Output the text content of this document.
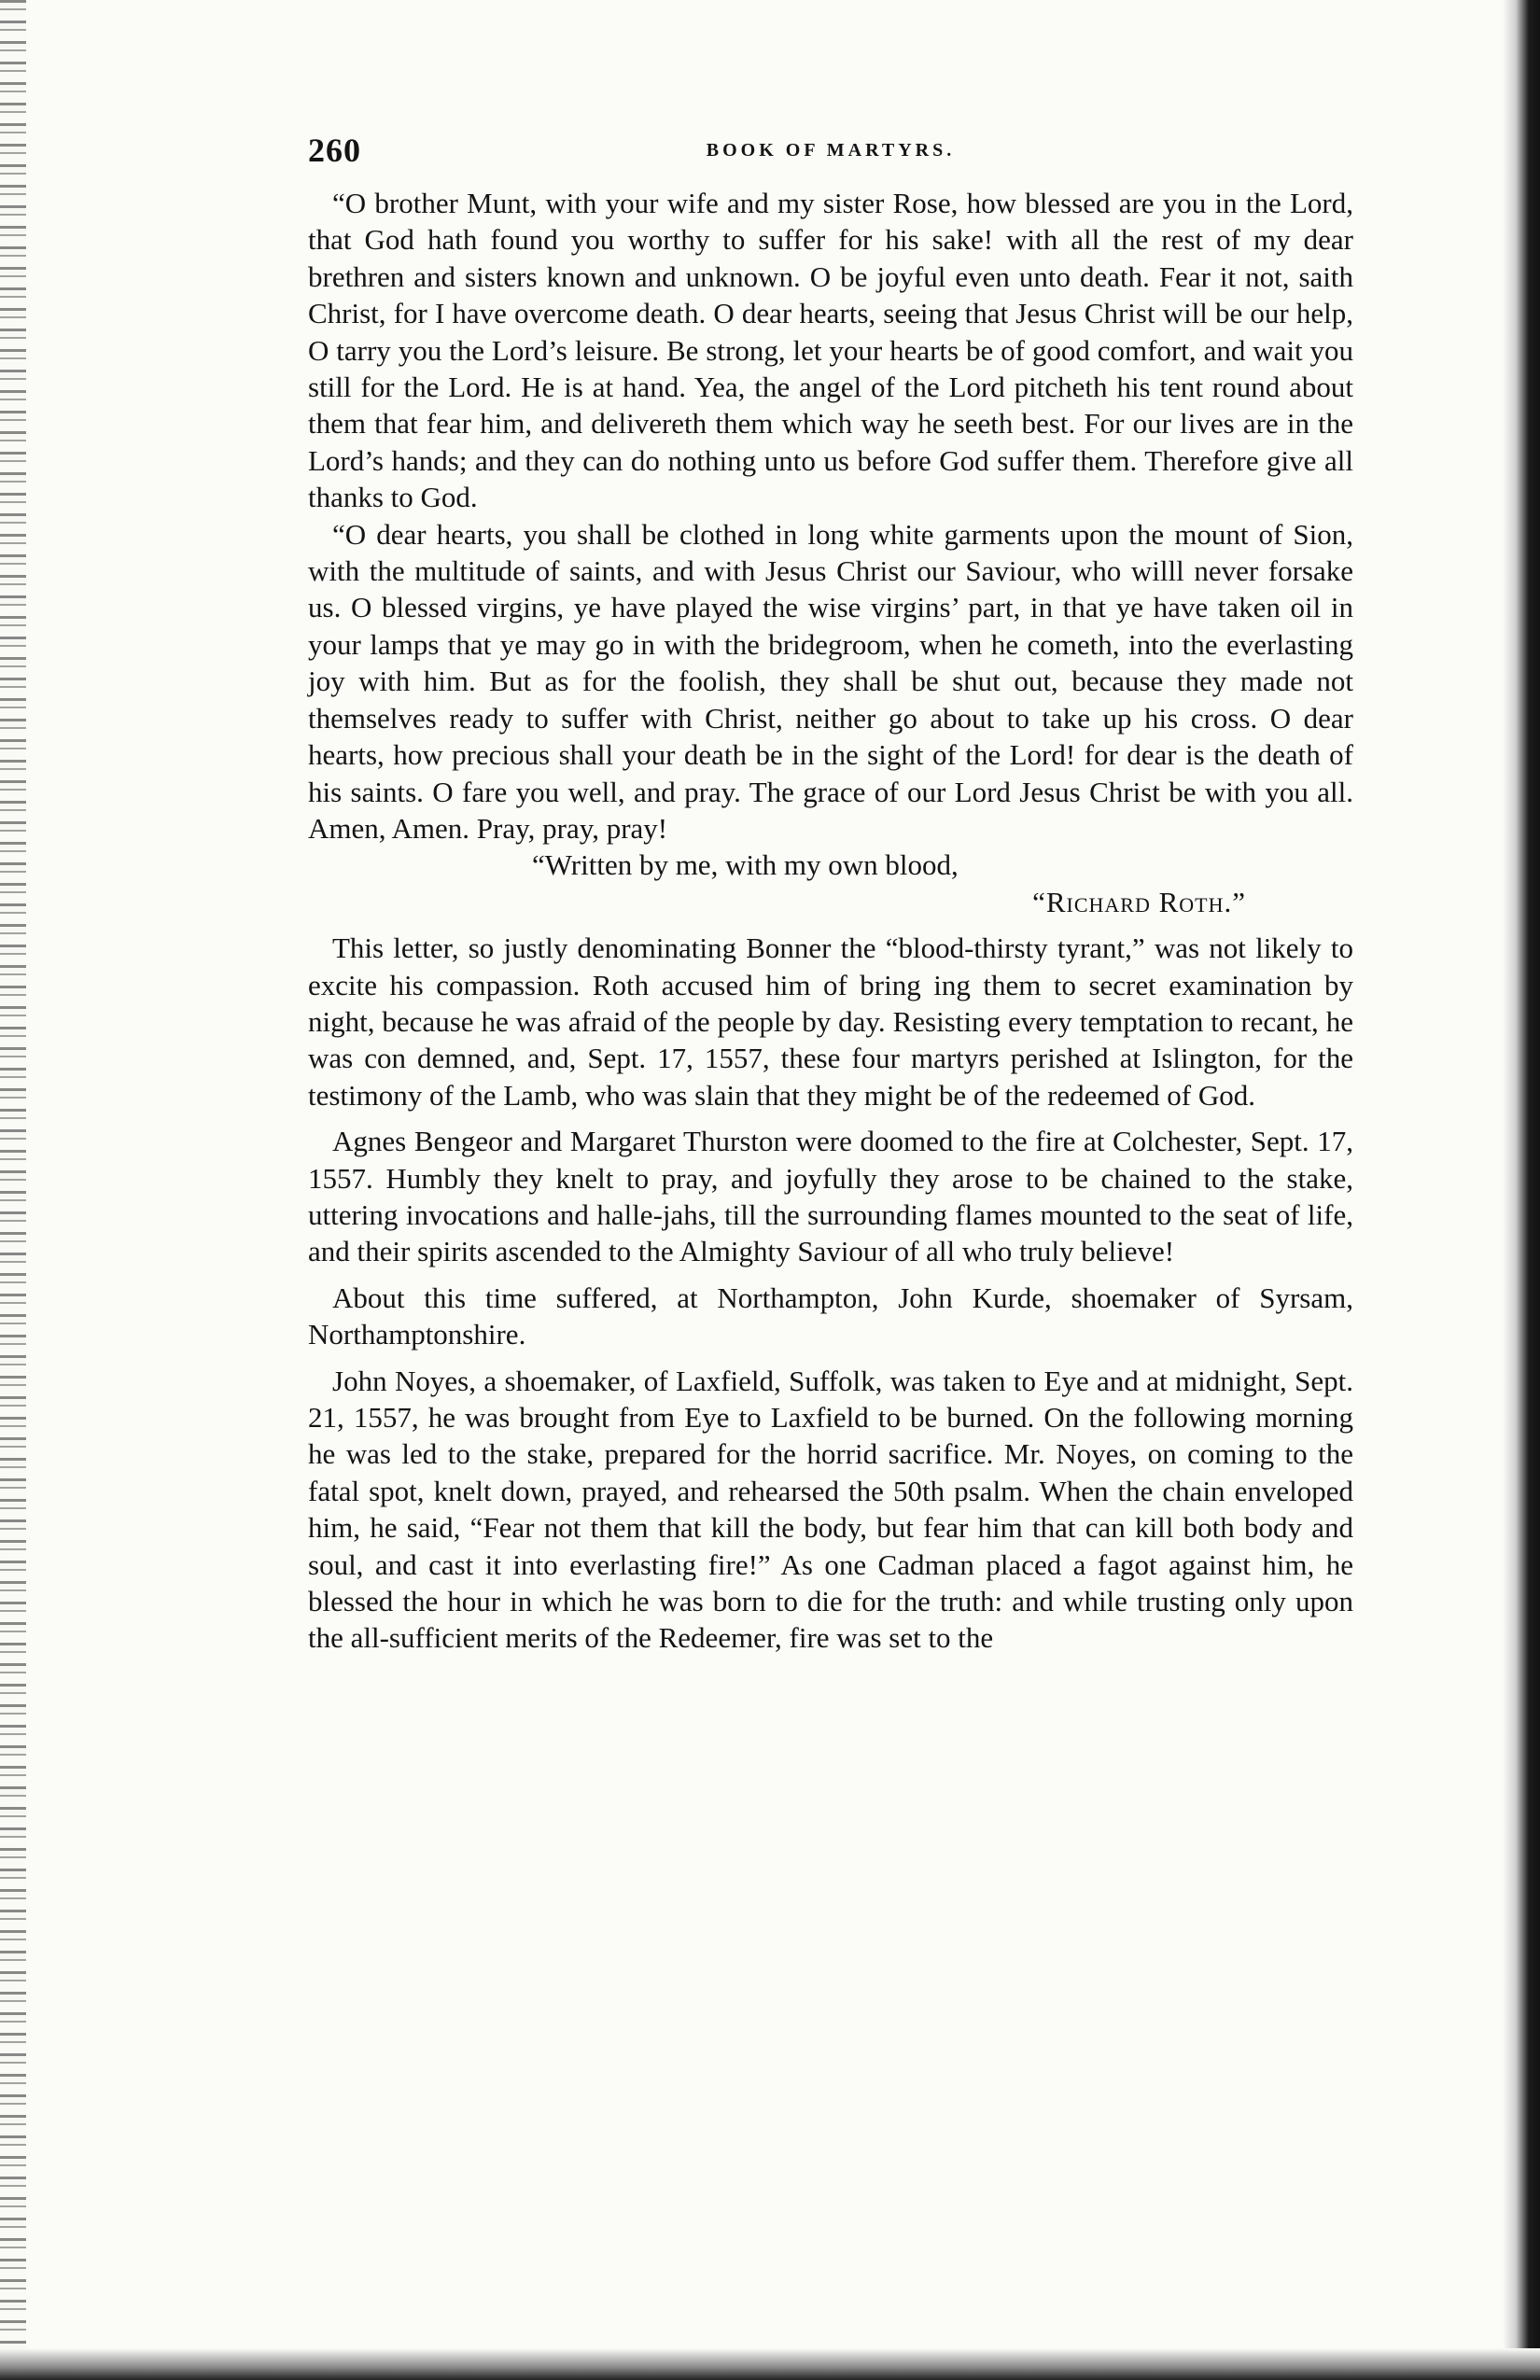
260	BOOK OF MARTYRS.

“O brother Munt, with your wife and my sister Rose, how blessed are you in the Lord, that God hath found you worthy to suffer for his sake! with all the rest of my dear brethren and sisters known and unknown. O be joyful even unto death. Fear it not, saith Christ, for I have overcome death. O dear hearts, seeing that Jesus Christ will be our help, O tarry you the Lord’s leisure. Be strong, let your hearts be of good comfort, and wait you still for the Lord. He is at hand. Yea, the angel of the Lord pitcheth his tent round about them that fear him, and delivereth them which way he seeth best. For our lives are in the Lord’s hands; and they can do nothing unto us before God suffer them. Therefore give all thanks to God.

“O dear hearts, you shall be clothed in long white garments upon the mount of Sion, with the multitude of saints, and with Jesus Christ our Saviour, who willl never forsake us. O blessed virgins, ye have played the wise virgins’ part, in that ye have taken oil in your lamps that ye may go in with the bridegroom, when he cometh, into the everlasting joy with him. But as for the foolish, they shall be shut out, because they made not themselves ready to suffer with Christ, neither go about to take up his cross. O dear hearts, how precious shall your death be in the sight of the Lord! for dear is the death of his saints. O fare you well, and pray. The grace of our Lord Jesus Christ be with you all. Amen, Amen. Pray, pray, pray!

“Written by me, with my own blood,

“Richard Roth.”

This letter, so justly denominating Bonner the “blood-thirsty tyrant,” was not likely to excite his compassion. Roth accused him of bring ing them to secret examination by night, because he was afraid of the people by day. Resisting every temptation to recant, he was con demned, and, Sept. 17, 1557, these four martyrs perished at Islington, for the testimony of the Lamb, who was slain that they might be of the redeemed of God.

Agnes Bengeor and Margaret Thurston were doomed to the fire at Colchester, Sept. 17, 1557. Humbly they knelt to pray, and joyfully they arose to be chained to the stake, uttering invocations and halle-jahs, till the surrounding flames mounted to the seat of life, and their spirits ascended to the Almighty Saviour of all who truly believe!

About this time suffered, at Northampton, John Kurde, shoemaker of Syrsam, Northamptonshire.

John Noyes, a shoemaker, of Laxfield, Suffolk, was taken to Eye and at midnight, Sept. 21, 1557, he was brought from Eye to Laxfield to be burned. On the following morning he was led to the stake, prepared for the horrid sacrifice. Mr. Noyes, on coming to the fatal spot, knelt down, prayed, and rehearsed the 50th psalm. When the chain enveloped him, he said, “Fear not them that kill the body, but fear him that can kill both body and soul, and cast it into everlasting fire!” As one Cadman placed a fagot against him, he blessed the hour in which he was born to die for the truth: and while trusting only upon the all-sufficient merits of the Redeemer, fire was set to the
